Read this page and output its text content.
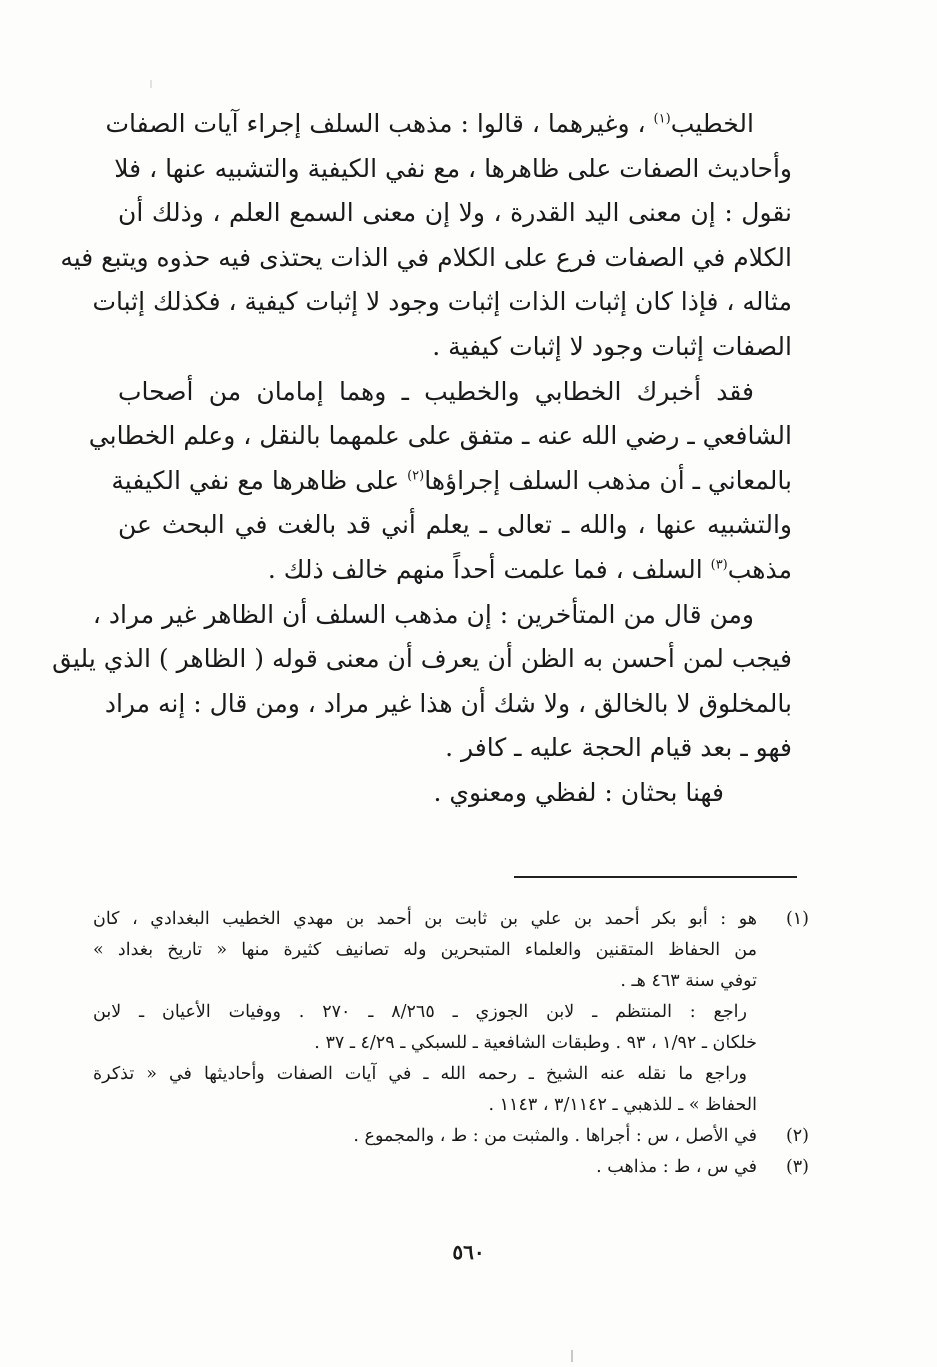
الخطيب$^{(١)}$ ، وغيرهما ، قالوا : مذهب السلف إجراء آيات الصفات
وأحاديث الصفات على ظاهرها ، مع نفي الكيفية والتشبيه عنها ، فلا
نقول : إن معنى اليد القدرة ، ولا إن معنى السمع العلم ، وذلك أن
الكلام في الصفات فرع على الكلام في الذات يحتذى فيه حذوه ويتبع فيه
مثاله ، فإذا كان إثبات الذات إثبات وجود لا إثبات كيفية ، فكذلك إثبات
الصفات إثبات وجود لا إثبات كيفية .

فقد أخبرك الخطابي والخطيب ـ وهما إمامان من أصحاب
الشافعي ـ رضي الله عنه ـ متفق على علمهما بالنقل ، وعلم الخطابي
بالمعاني ـ أن مذهب السلف إجراؤها$^{(٢)}$ على ظاهرها مع نفي الكيفية
والتشبيه عنها ، والله ـ تعالى ـ يعلم أني قد بالغت في البحث عن
مذهب$^{(٣)}$ السلف ، فما علمت أحداً منهم خالف ذلك .

ومن قال من المتأخرين : إن مذهب السلف أن الظاهر غير مراد ،
فيجب لمن أحسن به الظن أن يعرف أن معنى قوله ( الظاهر ) الذي يليق
بالمخلوق لا بالخالق ، ولا شك أن هذا غير مراد ، ومن قال : إنه مراد
فهو ـ بعد قيام الحجة عليه ـ كافر .

فهنا بحثان : لفظي ومعنوي .

(١)
هو : أبو بكر أحمد بن علي بن ثابت بن أحمد بن مهدي الخطيب البغدادي ، كان
من الحفاظ المتقنين والعلماء المتبحرين وله تصانيف كثيرة منها « تاريخ بغداد »
توفي سنة ٤٦٣ هـ .
راجع : المنتظم ـ لابن الجوزي ـ ٨/٢٦٥ ـ ٢٧٠ . ووفيات الأعيان ـ لابن
خلكان ـ ١/٩٢ ، ٩٣ . وطبقات الشافعية ـ للسبكي ـ ٤/٢٩ ـ ٣٧ .
وراجع ما نقله عنه الشيخ ـ رحمه الله ـ في آيات الصفات وأحاديثها في « تذكرة
الحفاظ » ـ للذهبي ـ ٣/١١٤٢ ، ١١٤٣ .
(٢)
في الأصل ، س : أجراها . والمثبت من : ط ، والمجموع .
(٣)
في س ، ط : مذاهب .
٥٦٠
